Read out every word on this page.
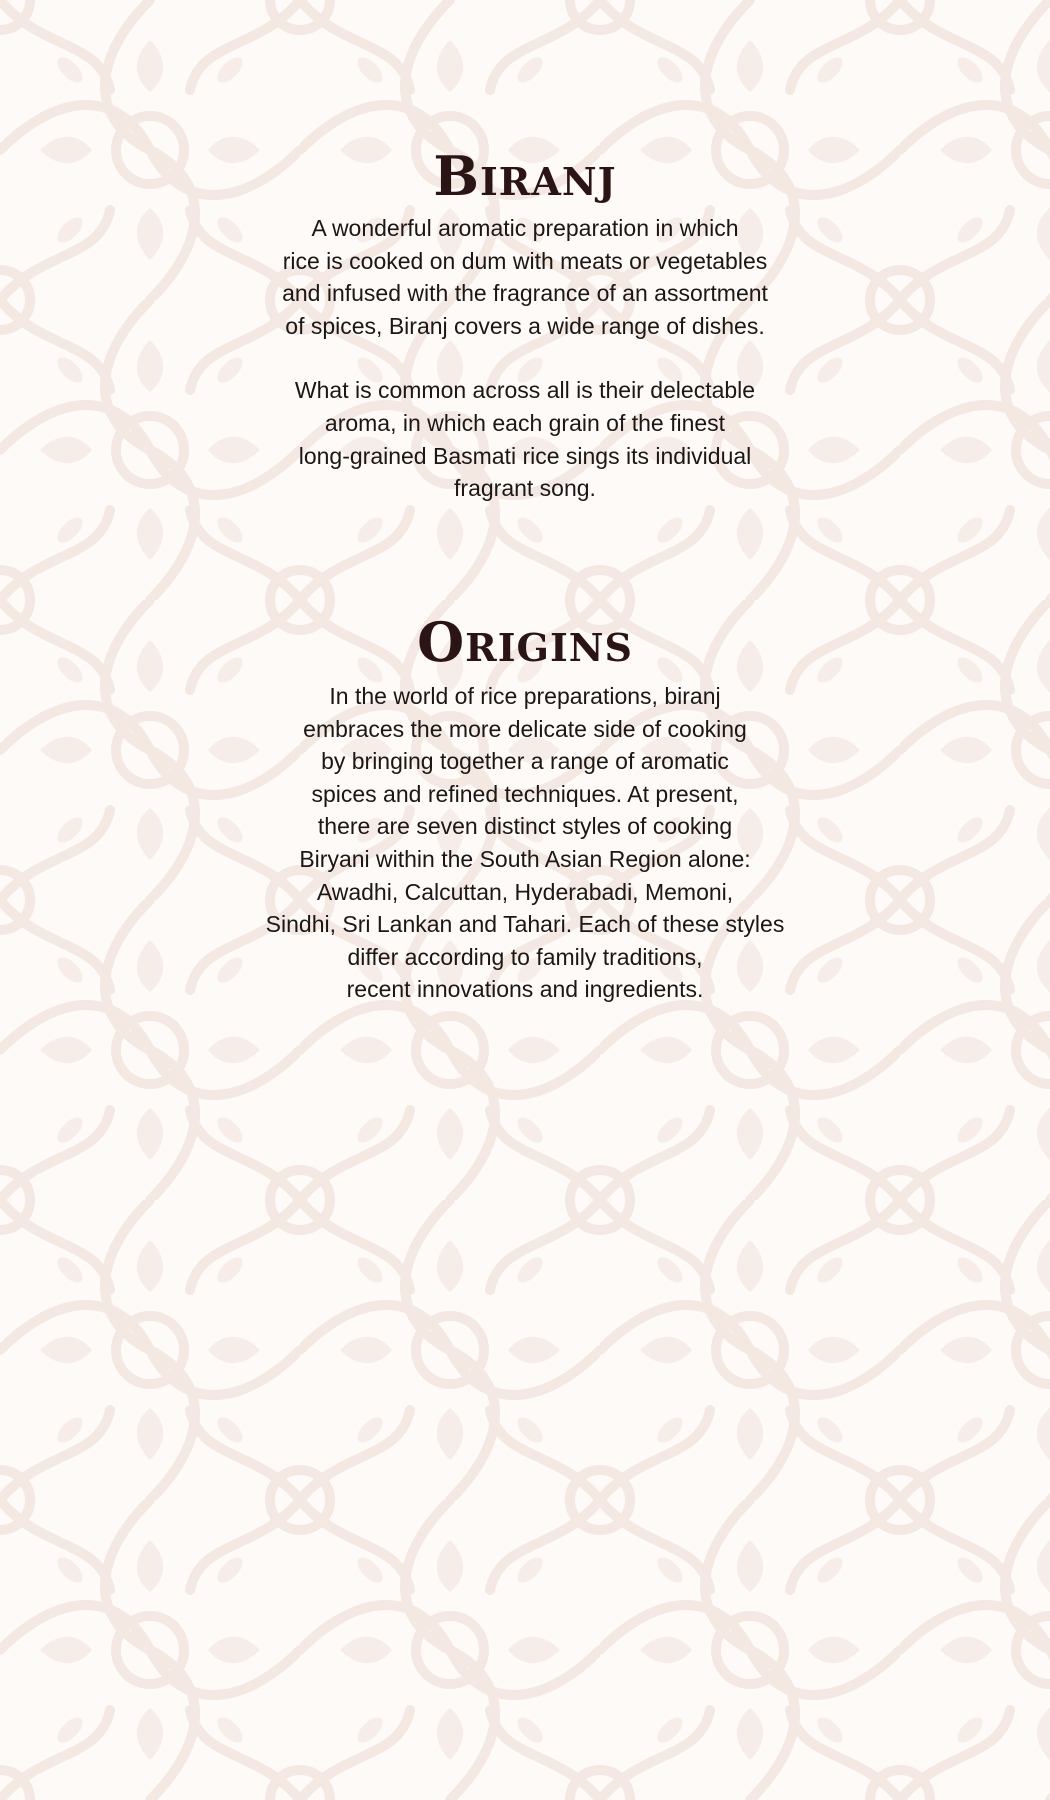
Biranj

A wonderful aromatic preparation in which
rice is cooked on dum with meats or vegetables
and infused with the fragrance of an assortment
of spices, Biranj covers a wide range of dishes.

What is common across all is their delectable
aroma, in which each grain of the finest
long-grained Basmati rice sings its individual
fragrant song.

Origins

In the world of rice preparations, biranj
embraces the more delicate side of cooking
by bringing together a range of aromatic
spices and refined techniques. At present,
there are seven distinct styles of cooking
Biryani within the South Asian Region alone:
Awadhi, Calcuttan, Hyderabadi, Memoni,
Sindhi, Sri Lankan and Tahari. Each of these styles
differ according to family traditions,
recent innovations and ingredients.
